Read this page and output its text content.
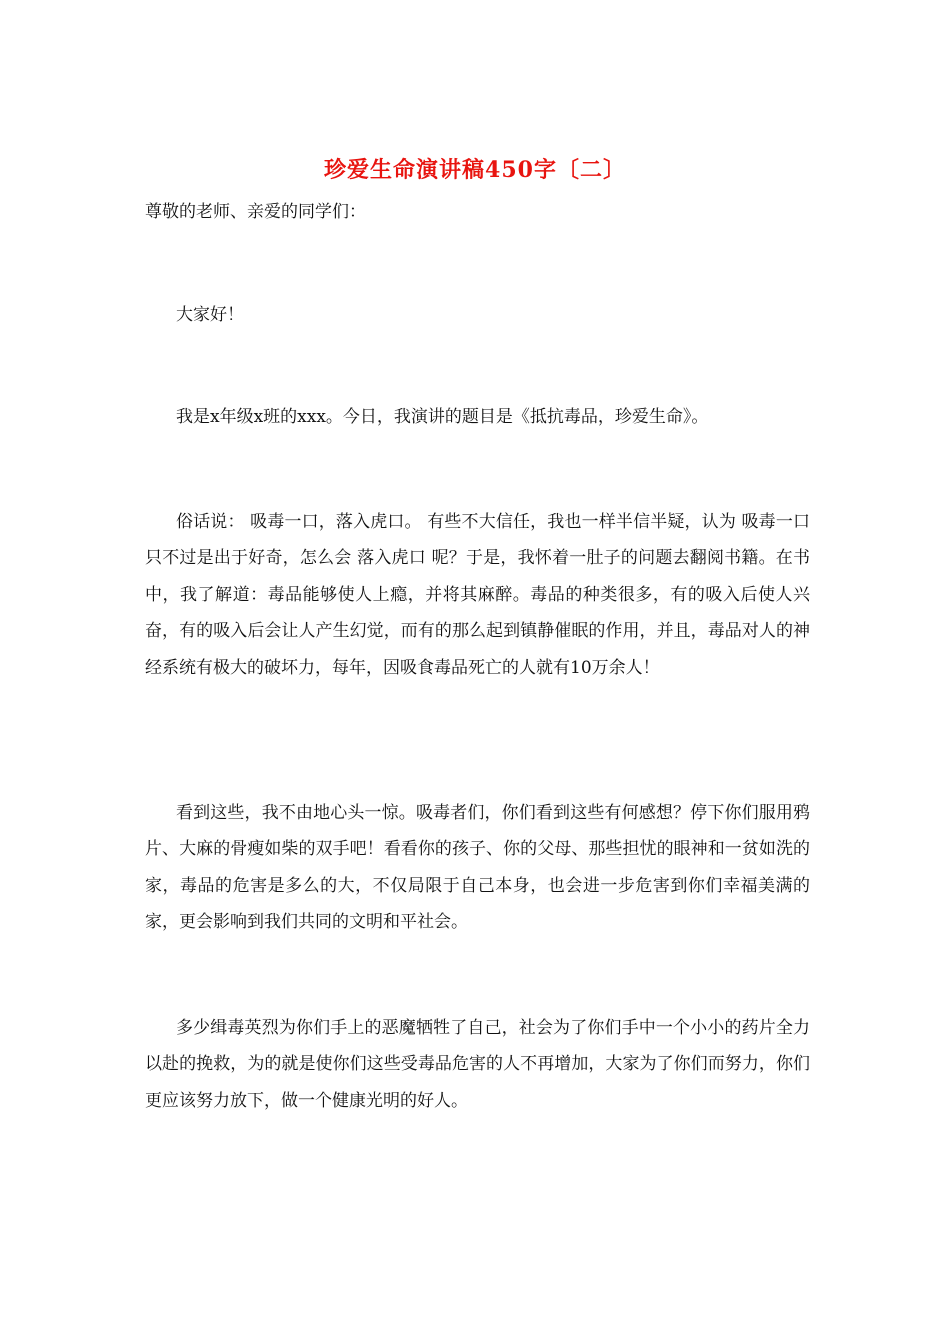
珍爱生命演讲稿450字〔二〕
尊敬的老师、亲爱的同学们：

大家好！

我是x年级x班的xxx。今日，我演讲的题目是《抵抗毒品，珍爱生命》。

俗话说： 吸毒一口，落入虎口。 有些不大信任，我也一样半信半疑，认为 吸毒一口 只不过是出于好奇，怎么会 落入虎口 呢？于是，我怀着一肚子的问题去翻阅书籍。在书中，我了解道：毒品能够使人上瘾，并将其麻醉。毒品的种类很多，有的吸入后使人兴奋，有的吸入后会让人产生幻觉，而有的那么起到镇静催眠的作用，并且，毒品对人的神经系统有极大的破坏力，每年，因吸食毒品死亡的人就有10万余人！

看到这些，我不由地心头一惊。吸毒者们，你们看到这些有何感想？停下你们服用鸦片、大麻的骨瘦如柴的双手吧！看看你的孩子、你的父母、那些担忧的眼神和一贫如洗的家，毒品的危害是多么的大，不仅局限于自己本身，也会进一步危害到你们幸福美满的家，更会影响到我们共同的文明和平社会。

多少缉毒英烈为你们手上的恶魔牺牲了自己，社会为了你们手中一个小小的药片全力以赴的挽救，为的就是使你们这些受毒品危害的人不再增加，大家为了你们而努力，你们更应该努力放下，做一个健康光明的好人。
